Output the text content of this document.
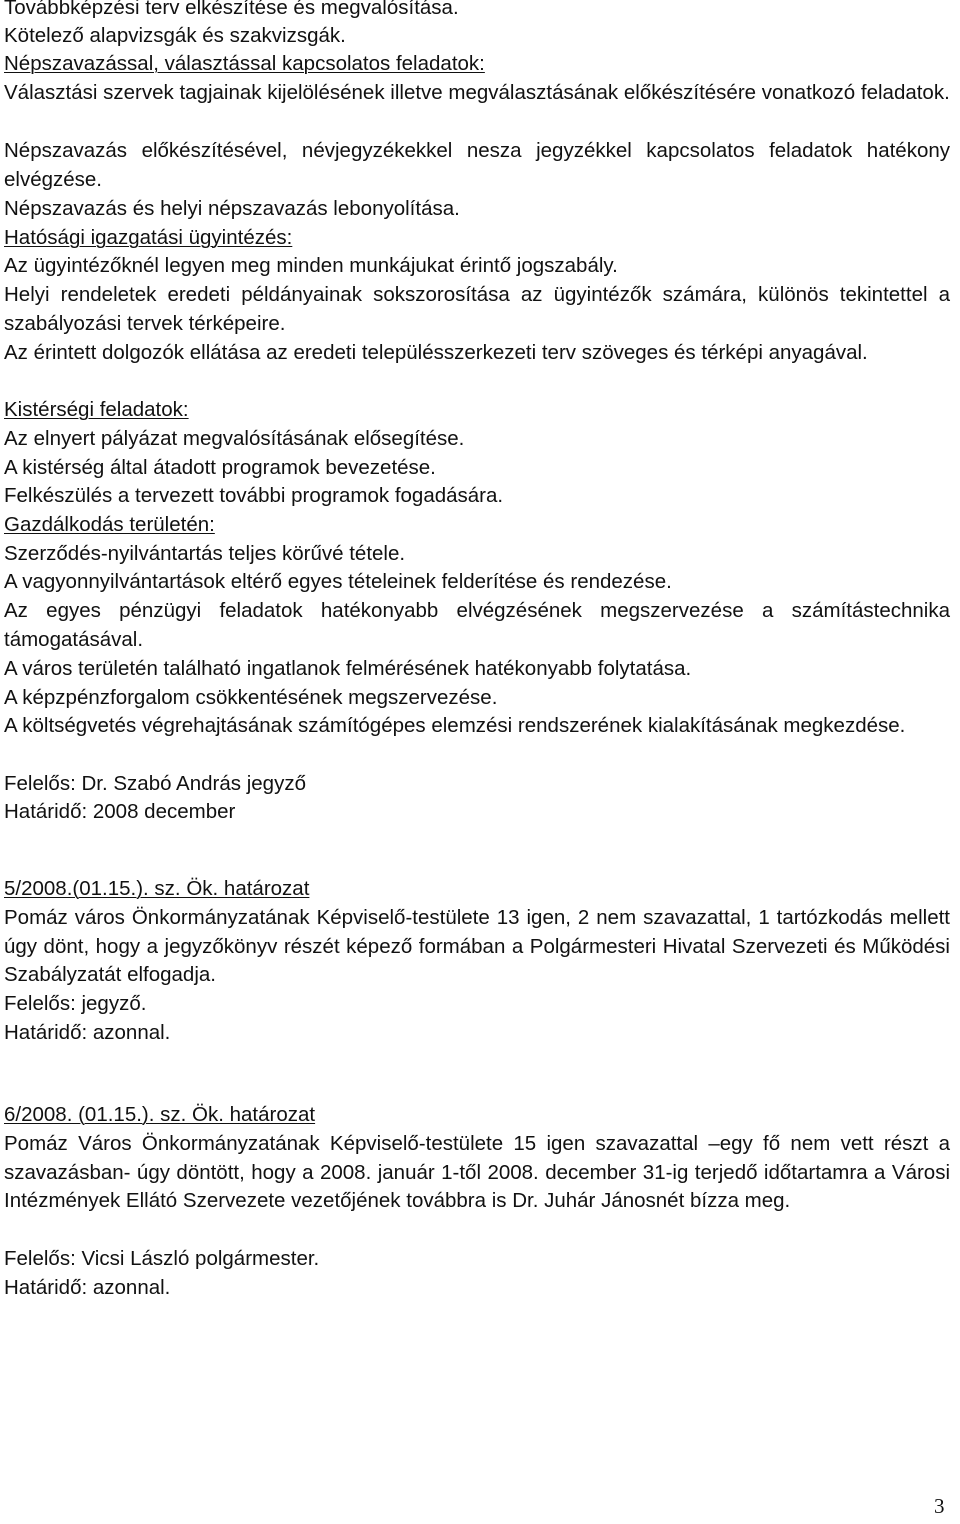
Továbbképzési terv elkészítése és megvalósítása.

Kötelező alapvizsgák és szakvizsgák.

Népszavazással, választással kapcsolatos feladatok:

Választási szervek tagjainak kijelölésének illetve megválasztásának előkészítésére vonatkozó feladatok.

Népszavazás előkészítésével, névjegyzékekkel nesza jegyzékkel kapcsolatos feladatok hatékony elvégzése.

Népszavazás és helyi népszavazás lebonyolítása.

Hatósági igazgatási ügyintézés:

Az ügyintézőknél legyen meg minden munkájukat érintő jogszabály.

Helyi rendeletek eredeti példányainak sokszorosítása az ügyintézők számára, különös tekintettel a szabályozási tervek térképeire.

Az érintett dolgozók ellátása az eredeti településszerkezeti terv szöveges és térképi anyagával.

Kistérségi feladatok:

Az elnyert pályázat megvalósításának elősegítése.

A kistérség által átadott programok bevezetése.

Felkészülés a tervezett további programok fogadására.

Gazdálkodás területén:

Szerződés-nyilvántartás teljes körűvé tétele.

A vagyonnyilvántartások eltérő egyes tételeinek felderítése és rendezése.

Az egyes pénzügyi feladatok hatékonyabb elvégzésének megszervezése a számítástechnika támogatásával.

A város területén található ingatlanok felmérésének hatékonyabb folytatása.

A képzpénzforgalom csökkentésének megszervezése.

A költségvetés végrehajtásának számítógépes elemzési rendszerének kialakításának megkezdése.

Felelős: Dr. Szabó András jegyző

Határidő: 2008 december

5/2008.(01.15.). sz. Ök. határozat

Pomáz város Önkormányzatának Képviselő-testülete 13 igen, 2 nem szavazattal, 1 tartózkodás mellett úgy dönt, hogy a jegyzőkönyv részét képező formában a Polgármesteri Hivatal Szervezeti és Működési Szabályzatát elfogadja.

Felelős: jegyző.

Határidő: azonnal.

6/2008. (01.15.). sz. Ök. határozat

Pomáz Város Önkormányzatának Képviselő-testülete 15 igen szavazattal –egy fő nem vett részt a szavazásban- úgy döntött, hogy a 2008. január 1-től 2008. december 31-ig terjedő időtartamra a Városi Intézmények Ellátó Szervezete vezetőjének továbbra is Dr. Juhár Jánosnét bízza meg.

Felelős: Vicsi László polgármester.

Határidő: azonnal.

3
